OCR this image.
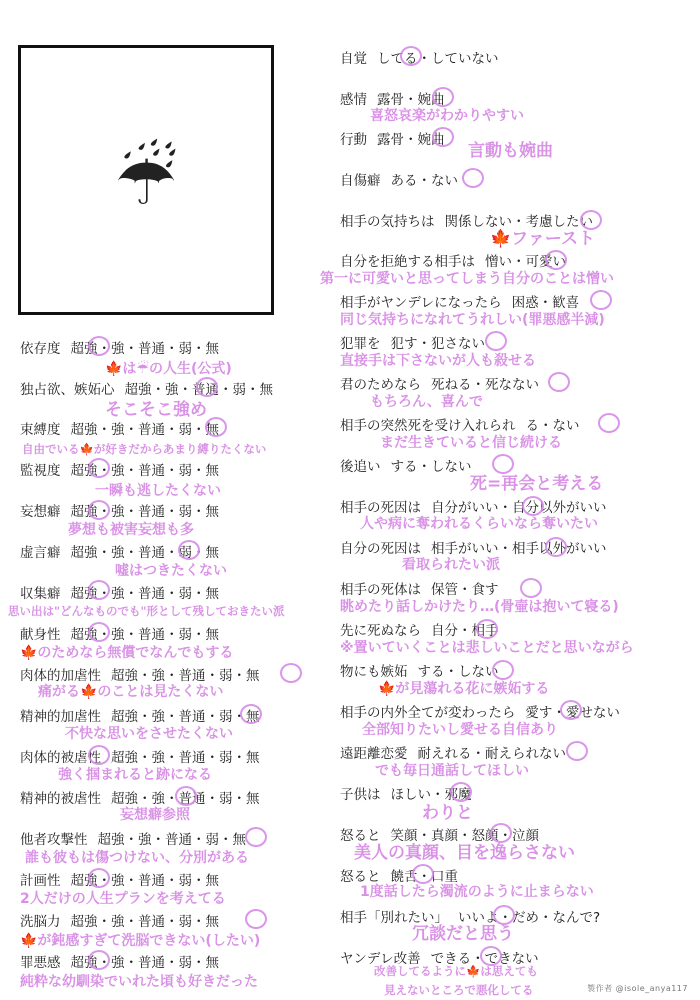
☔
依存度 超強・強・普通・弱・無
独占欲、嫉妬心 超強・強・普通・弱・無
束縛度 超強・強・普通・弱・無
監視度 超強・強・普通・弱・無
妄想癖 超強・強・普通・弱・無
虚言癖 超強・強・普通・弱・無
収集癖 超強・強・普通・弱・無
献身性 超強・強・普通・弱・無
肉体的加虐性 超強・強・普通・弱・無
精神的加虐性 超強・強・普通・弱・無
肉体的被虐性 超強・強・普通・弱・無
精神的被虐性 超強・強・普通・弱・無
他者攻撃性 超強・強・普通・弱・無
計画性 超強・強・普通・弱・無
洗脳力 超強・強・普通・弱・無
罪悪感 超強・強・普通・弱・無
🍁は☔の人生(公式)
そこそこ強め
自由でいる🍁が好きだからあまり縛りたくない
一瞬も逃したくない
夢想も被害妄想も多
嘘はつきたくない
思い出は"どんなものでも"形として残しておきたい派
🍁のためなら無償でなんでもする
痛がる🍁のことは見たくない
不快な思いをさせたくない
強く掴まれると跡になる
妄想癖参照
誰も彼もは傷つけない、分別がある
2人だけの人生プランを考えてる
🍁が鈍感すぎて洗脳できない(したい)
純粋な幼馴染でいれた頃も好きだった
自覚 してる・していない
感情 露骨・婉曲
行動 露骨・婉曲
自傷癖 ある・ない
相手の気持ちは 関係しない・考慮したい
自分を拒絶する相手は 憎い・可愛い
相手がヤンデレになったら 困惑・歓喜
犯罪を 犯す・犯さない
君のためなら 死ねる・死なない
相手の突然死を受け入れられ る・ない
後追い する・しない
相手の死因は 自分がいい・自分以外がいい
自分の死因は 相手がいい・相手以外がいい
相手の死体は 保管・食す
先に死ぬなら 自分・相手
物にも嫉妬 する・しない
相手の内外全てが変わったら 愛す・愛せない
遠距離恋愛 耐えれる・耐えられない
子供は ほしい・邪魔
怒ると 笑顔・真顔・怒顔・泣顔
怒ると 饒舌・口重
相手「別れたい」 いいよ・だめ・なんで?
ヤンデレ改善 できる・できない
喜怒哀楽がわかりやすい
言動も婉曲
🍁ファースト
第一に可愛いと思ってしまう自分のことは憎い
同じ気持ちになれてうれしい(罪悪感半減)
直接手は下さないが人も殺せる
もちろん、喜んで
まだ生きていると信じ続ける
死=再会と考える
人や病に奪われるくらいなら奪いたい
看取られたい派
眺めたり話しかけたり…(骨壷は抱いて寝る)
※置いていくことは悲しいことだと思いながら
🍁が見蕩れる花に嫉妬する
全部知りたいし愛せる自信あり
でも毎日通話してほしい
わりと
美人の真顔、目を逸らさない
1度話したら濁流のように止まらない
冗談だと思う
改善してるように🍁は思えても
見えないところで悪化してる	製作者 @isole_anya117
